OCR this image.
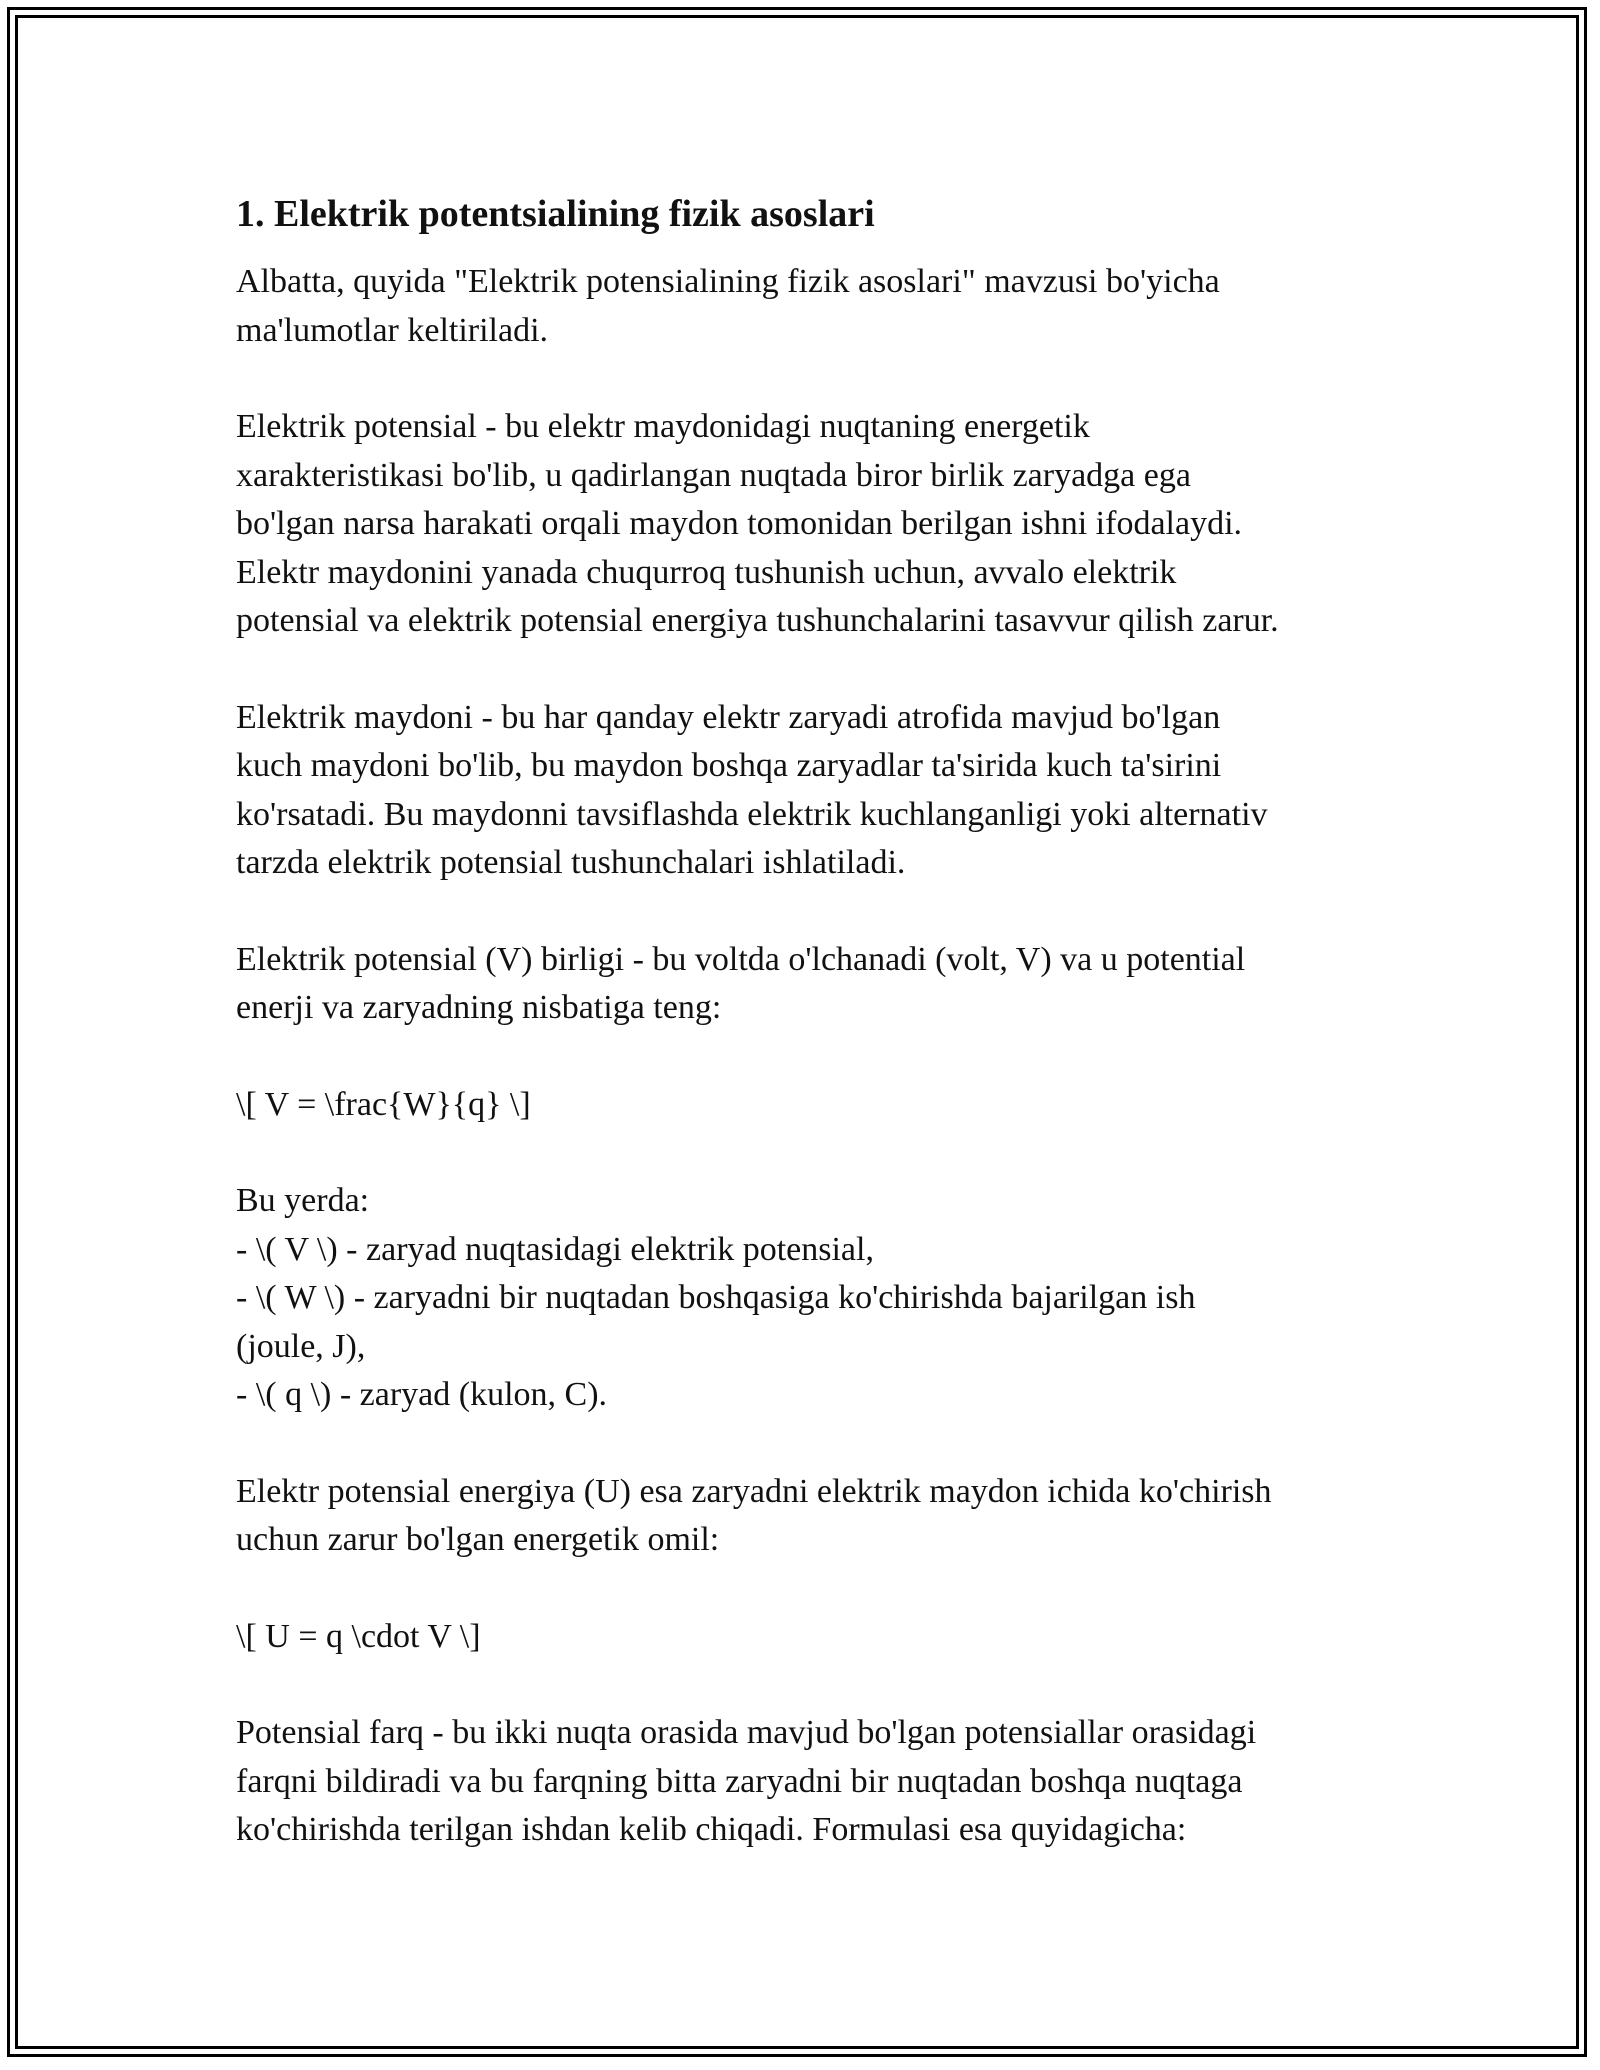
1. Elektrik potentsialining fizik asoslari

Albatta, quyida "Elektrik potensialining fizik asoslari" mavzusi bo'yicha
ma'lumotlar keltiriladi.

Elektrik potensial - bu elektr maydonidagi nuqtaning energetik
xarakteristikasi bo'lib, u qadirlangan nuqtada biror birlik zaryadga ega
bo'lgan narsa harakati orqali maydon tomonidan berilgan ishni ifodalaydi.
Elektr maydonini yanada chuqurroq tushunish uchun, avvalo elektrik
potensial va elektrik potensial energiya tushunchalarini tasavvur qilish zarur.

Elektrik maydoni - bu har qanday elektr zaryadi atrofida mavjud bo'lgan
kuch maydoni bo'lib, bu maydon boshqa zaryadlar ta'sirida kuch ta'sirini
ko'rsatadi. Bu maydonni tavsiflashda elektrik kuchlanganligi yoki alternativ
tarzda elektrik potensial tushunchalari ishlatiladi.

Elektrik potensial (V) birligi - bu voltda o'lchanadi (volt, V) va u potential
enerji va zaryadning nisbatiga teng:

\[ V = \frac{W}{q} \]

Bu yerda:
- \( V \) - zaryad nuqtasidagi elektrik potensial,
- \( W \) - zaryadni bir nuqtadan boshqasiga ko'chirishda bajarilgan ish
(joule, J),
- \( q \) - zaryad (kulon, C).

Elektr potensial energiya (U) esa zaryadni elektrik maydon ichida ko'chirish
uchun zarur bo'lgan energetik omil:

\[ U = q \cdot V \]

Potensial farq - bu ikki nuqta orasida mavjud bo'lgan potensiallar orasidagi
farqni bildiradi va bu farqning bitta zaryadni bir nuqtadan boshqa nuqtaga
ko'chirishda terilgan ishdan kelib chiqadi. Formulasi esa quyidagicha:
